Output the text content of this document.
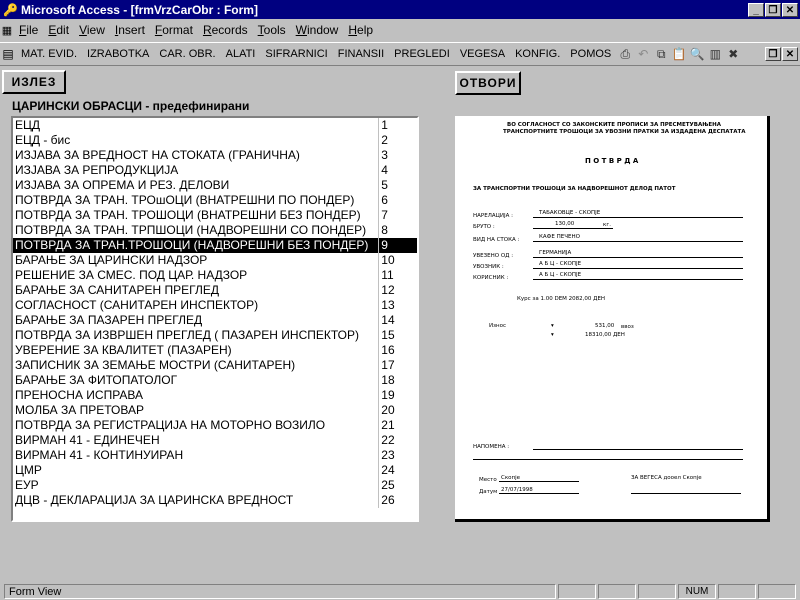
🔑 Microsoft Access - [frmVrzCarObr : Form]	_ ❐ ✕
▦ File Edit View Insert Format Records Tools Window Help
▤ MAT. EVID. IZRABOTKA CAR. OBR. ALATI SIFRARNICI FINANSII PREGLEDI VEGESA KONFIG. POMOS ⎙ ↶ ⧉ 📋 🔍 ▥ ✖	❐ ✕
ИЗЛЕЗ	ОТВОРИ
ЦАРИНСКИ ОБРАСЦИ - предефинирани
ЕЦД	1
ЕЦД - бис	2
ИЗЈАВА ЗА ВРЕДНОСТ НА СТОКАТА (ГРАНИЧНА)	3
ИЗЈАВА ЗА РЕПРОДУКЦИЈА	4
ИЗЈАВА ЗА ОПРЕМА И РЕЗ. ДЕЛОВИ	5
ПОТВРДА ЗА ТРАН. ТРОшОЦИ (ВНАТРЕШНИ ПО ПОНДЕР)	6
ПОТВРДА ЗА ТРАН. ТРОШОЦИ (ВНАТРЕШНИ БЕЗ ПОНДЕР)	7
ПОТВРДА ЗА ТРАН. ТРПШОЦИ (НАДВОРЕШНИ СО ПОНДЕР)	8
ПОТВРДА ЗА ТРАН.ТРОШОЦИ (НАДВОРЕШНИ БЕЗ ПОНДЕР)	9
БАРАЊЕ ЗА ЦАРИНСКИ НАДЗОР	10
РЕШЕНИЕ ЗА СМЕС. ПОД ЦАР. НАДЗОР	11
БАРАЊЕ ЗА САНИТАРЕН ПРЕГЛЕД	12
СОГЛАСНОСТ (САНИТАРЕН ИНСПЕКТОР)	13
БАРАЊЕ ЗА ПАЗАРЕН ПРЕГЛЕД	14
ПОТВРДА ЗА ИЗВРШЕН ПРЕГЛЕД ( ПАЗАРЕН ИНСПЕКТОР)	15
УВЕРЕНИЕ ЗА КВАЛИТЕТ (ПАЗАРЕН)	16
ЗАПИСНИК ЗА ЗЕМАЊЕ МОСТРИ (САНИТАРЕН)	17
БАРАЊЕ ЗА ФИТОПАТОЛОГ	18
ПРЕНОСНА ИСПРАВА	19
МОЛБА ЗА ПРЕТОВАР	20
ПОТВРДА ЗА РЕГИСТРАЦИЈА НА МОТОРНО ВОЗИЛО	21
ВИРМАН 41 - ЕДИНЕЧЕН	22
ВИРМАН 41 - КОНТИНУИРАН	23
ЦМР	24
ЕУР	25
ДЦВ - ДЕКЛАРАЦИЈА ЗА ЦАРИНСКА ВРЕДНОСТ	26
ВО СОГЛАСНОСТ СО ЗАКОНСКИТЕ ПРОПИСИ ЗА ПРЕСМЕТУВАЊЕНА
ТРАНСПОРТНИТЕ ТРОШОЦИ ЗА УВОЗНИ ПРАТКИ ЗА ИЗДАДЕНА ДЕСПАТАТА
П О Т В Р Д А
ЗА ТРАНСПОРТНИ ТРОШОЦИ ЗА НАДВОРЕШНОТ ДЕЛОД ПАТОТ
НАРЕЛАЦИЈА :	ТАБАКОВЦЕ - СКОПЈЕ
БРУТО :	130,00	кг.
ВИД НА СТОКА :	КАФЕ ПЕЧЕНО
УВЕЗЕНО ОД :	ГЕРМАНИЈА
УВОЗНИК :	А Б Ц - СКОПЈЕ
КОРИСНИК :	А Б Ц - СКОПЈЕ
Курс за 1.00 DEM 2082,00 ДЕН
Износ	▾	531,00 ввоз
▾	18310,00 ДЕН
НАПОМЕНА :
Место Скопје
Датум 27/07/1998
ЗА ВЕГЕСА дооел Скопје
Form View	NUM
